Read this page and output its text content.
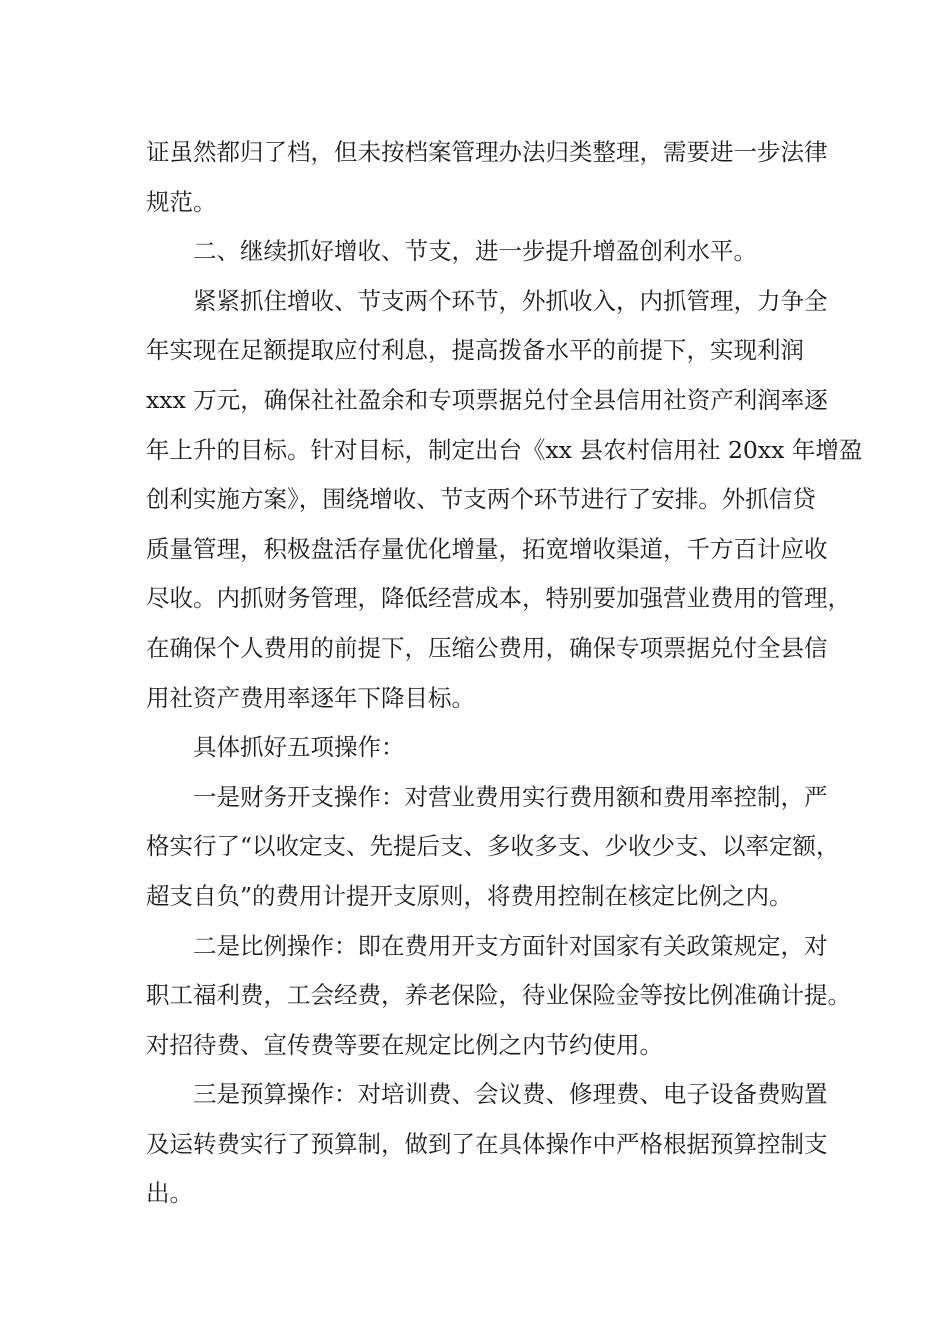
证虽然都归了档，但未按档案管理办法归类整理，需要进一步法律
规范。
二、继续抓好增收、节支，进一步提升增盈创利水平。
紧紧抓住增收、节支两个环节，外抓收入，内抓管理，力争全
年实现在足额提取应付利息，提高拨备水平的前提下，实现利润
xxx 万元，确保社社盈余和专项票据兑付全县信用社资产利润率逐
年上升的目标。针对目标，制定出台《xx 县农村信用社 20xx 年增盈
创利实施方案》，围绕增收、节支两个环节进行了安排。外抓信贷
质量管理，积极盘活存量优化增量，拓宽增收渠道，千方百计应收
尽收。内抓财务管理，降低经营成本，特别要加强营业费用的管理，
在确保个人费用的前提下，压缩公费用，确保专项票据兑付全县信
用社资产费用率逐年下降目标。
具体抓好五项操作：
一是财务开支操作：对营业费用实行费用额和费用率控制，严
格实行了“以收定支、先提后支、多收多支、少收少支、以率定额，
超支自负”的费用计提开支原则，将费用控制在核定比例之内。
二是比例操作：即在费用开支方面针对国家有关政策规定，对
职工福利费，工会经费，养老保险，待业保险金等按比例准确计提。
对招待费、宣传费等要在规定比例之内节约使用。
三是预算操作：对培训费、会议费、修理费、电子设备费购置
及运转费实行了预算制，做到了在具体操作中严格根据预算控制支
出。
